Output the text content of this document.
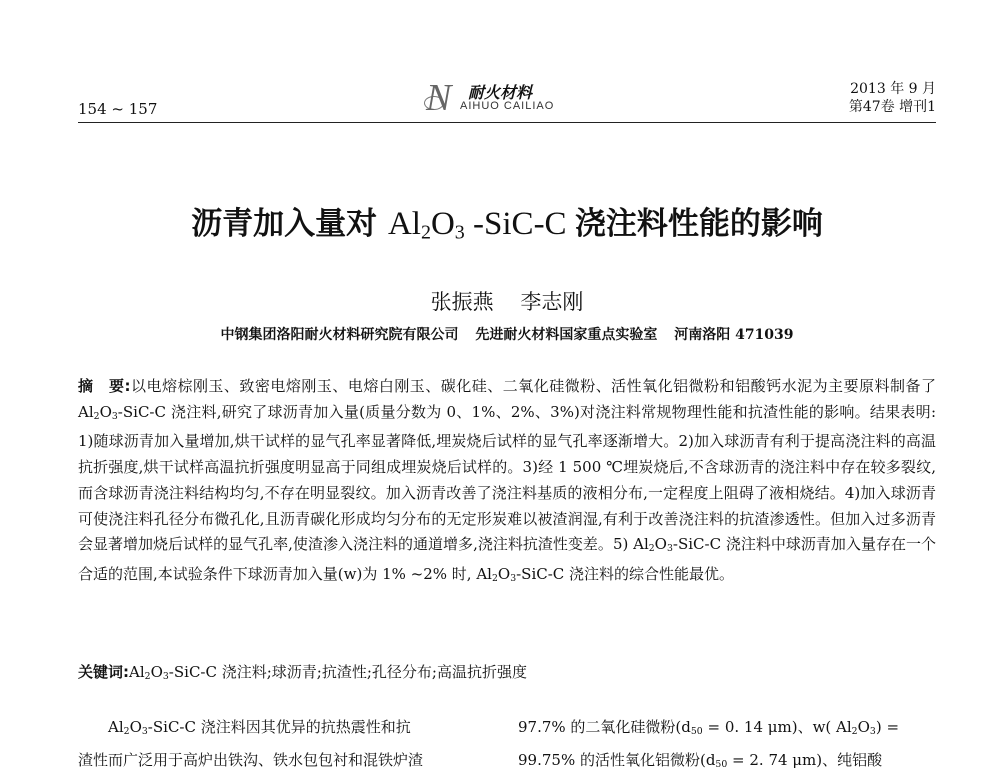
154 ~ 157	N 耐火材料
AIHUO CAILIAO
2013 年 9 月
第47卷 增刊1
沥青加入量对 $Al_2O_3$ -SiC-C 浇注料性能的影响
张振燕 李志刚
中钢集团洛阳耐火材料研究院有限公司 先进耐火材料国家重点实验室 河南洛阳 471039
摘　要:以电熔棕刚玉、致密电熔刚玉、电熔白刚玉、碳化硅、二氧化硅微粉、活性氧化铝微粉和铝酸钙水泥为主要原料制备了 $Al_2O_3-SiC-C$ 浇注料,研究了球沥青加入量(质量分数为 0、1%、2%、3%)对浇注料常规物理性能和抗渣性能的影响。结果表明: 1)随球沥青加入量增加,烘干试样的显气孔率显著降低,埋炭烧后试样的显气孔率逐渐增大。2)加入球沥青有利于提高浇注料的高温抗折强度,烘干试样高温抗折强度明显高于同组成埋炭烧后试样的。3)经 1 500 ℃埋炭烧后,不含球沥青的浇注料中存在较多裂纹,而含球沥青浇注料结构均匀,不存在明显裂纹。加入沥青改善了浇注料基质的液相分布,一定程度上阻碍了液相烧结。4)加入球沥青可使浇注料孔径分布微孔化,且沥青碳化形成均匀分布的无定形炭难以被渣润湿,有利于改善浇注料的抗渣渗透性。但加入过多沥青会显著增加烧后试样的显气孔率,使渣渗入浇注料的通道增多,浇注料抗渣性变差。5) $Al_2O_3-SiC-C$ 浇注料中球沥青加入量存在一个合适的范围,本试验条件下球沥青加入量(w)为 1% ~2% 时, $Al_2O_3-SiC-C$ 浇注料的综合性能最优。
关键词$:Al_2O_3-SiC-C$ 浇注料;球沥青;抗渣性;孔径分布;高温抗折强度
$Al_2O_3-SiC-C$ 浇注料因其优异的抗热震性和抗
渣性而广泛用于高炉出铁沟、铁水包包衬和混铁炉渣
97.7% 的二氧化硅微粉($d_{50} = 0$. 14 μm)、w( $Al_2O_3$) =
99.75% 的活性氧化铝微粉($d_{50} = 2$. 74 μm)、纯铝酸
